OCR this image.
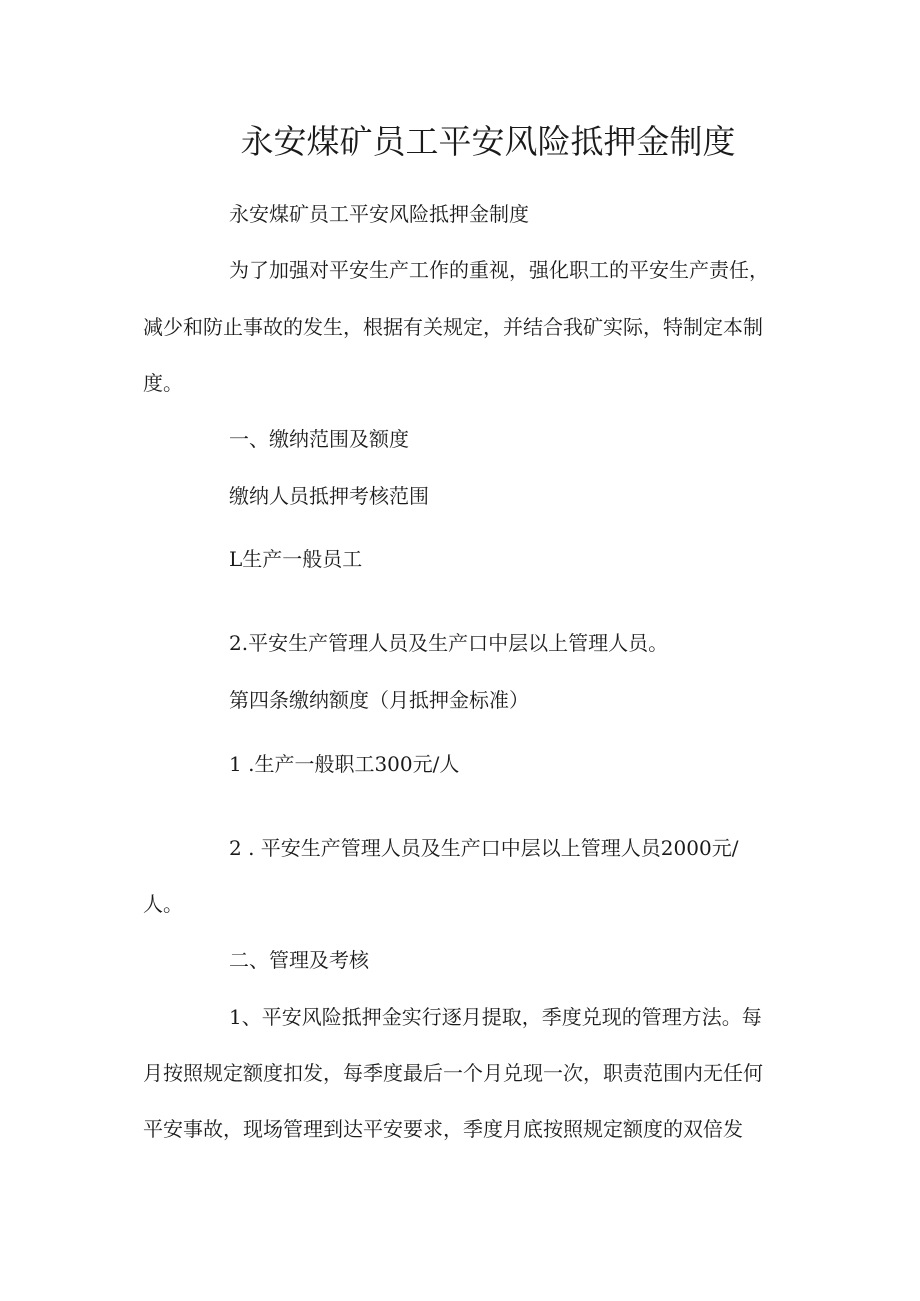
永安煤矿员工平安风险抵押金制度

永安煤矿员工平安风险抵押金制度

为了加强对平安生产工作的重视，强化职工的平安生产责任，

减少和防止事故的发生，根据有关规定，并结合我矿实际，特制定本制

度。

一、缴纳范围及额度

缴纳人员抵押考核范围

L生产一般员工

2.平安生产管理人员及生产口中层以上管理人员。

第四条缴纳额度（月抵押金标准）

1 .生产一般职工300元/人

2 . 平安生产管理人员及生产口中层以上管理人员2000元/

人。

二、管理及考核

1、平安风险抵押金实行逐月提取，季度兑现的管理方法。每

月按照规定额度扣发，每季度最后一个月兑现一次，职责范围内无任何

平安事故，现场管理到达平安要求，季度月底按照规定额度的双倍发
